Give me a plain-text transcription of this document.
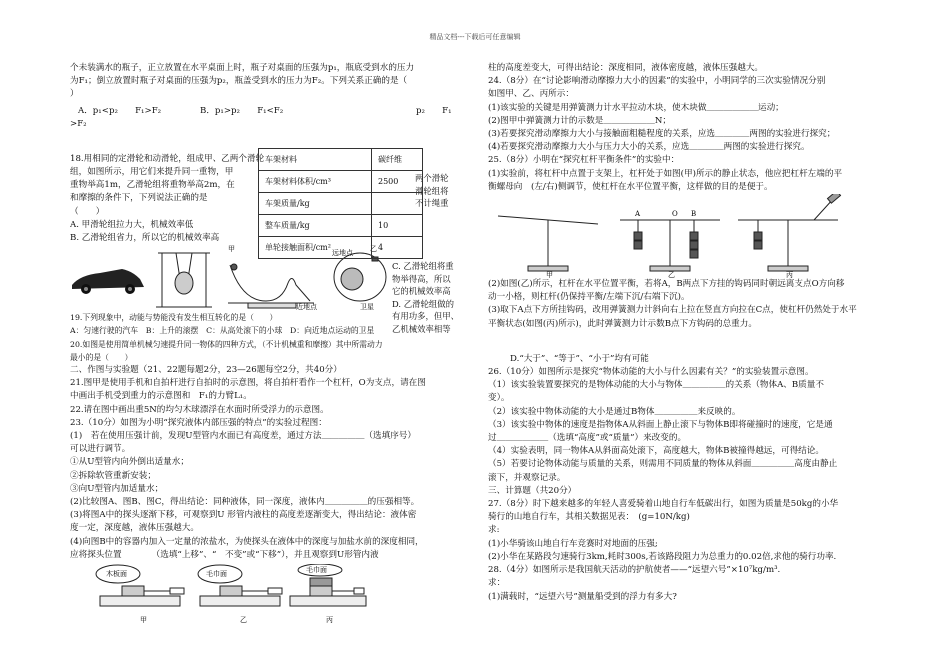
精品文档---下载后可任意编辑
个未装满水的瓶子，正立放置在水平桌面上时，瓶子对桌面的压强为p₁，瓶底受到水的压力
为F₁；倒立放置时瓶子对桌面的压强为p₂，瓶盖受到水的压力为F₂。下列关系正确的是（
）
A．p₁<p₂　　F₁>F₂	B．p₁>p₂　　F₁<F₂	p₂　　F₁
>F₂
18.用相同的定滑轮和动滑轮，组成甲、乙两个滑轮
组，如图所示，用它们来提升同一重物，甲
重物举高1m，乙滑轮组将重物举高2m，在
和摩擦的条件下，下列说法正确的是
（　　）
A. 甲滑轮组拉力大，机械效率低
B. 乙滑轮组省力，所以它的机械效率高
甲	乙
近地点	卫星
远地点
19.下列现象中，动能与势能没有发生相互转化的是（　　）
A：匀速行驶的汽车　B：上升的滚摆　C：从高处滚下的小球　D：向近地点运动的卫星
20.如图是使用简单机械匀速提升同一物体的四种方式，（不计机械重和摩擦）其中所需动力
最小的是（　　）
二、作图与实验题（21、22题每题2分，23—26题每空2分，共40分）
21.图甲是使用手机和自拍杆进行自拍时的示意图，将自拍杆看作一个杠杆，O为支点，请在图
中画出手机受到重力的示意图和　F₁的力臂L₁。
22.请在图中画出重5N的均匀木球漂浮在水面时所受浮力的示意图。
23.（10分）如图为小明“探究液体内部压强的特点”的实验过程图：
(1)　若在使用压强计前，发现U型管内水面已有高度差，通过方法＿＿＿＿＿（选填序号）
可以进行调节。
①从U型管内向外倒出适量水；
②拆除软管重新安装；
③向U型管内加适量水；
(2)比较图A、图B、图C，得出结论：同种液体，同一深度，液体内＿＿＿＿＿的压强相等。
(3)将图A中的探头逐渐下移，可观察到U 形管内液柱的高度差逐渐变大，得出结论：液体密
度一定，深度越，液体压强越大。
(4)向图B中的容器内加入一定量的浓盐水，为使探头在液体中的深度与加盐水前的深度相同，
应将探头位置　　　　（选填“上移”、“　不变”或“下移”），并且观察到U形管内液
木板面	毛巾面	毛巾面
甲	乙	丙
两个滑轮
滑轮组将
不计绳重
车架材料	碳纤维
车架材料体积/cm³	2500
车架质量/kg	
整车质量/kg	10
单轮接触面积/cm²	4
C. 乙滑轮组将重
物举得高，所以
它的机械效率高
D. 乙滑轮组做的
有用功多，但甲、
乙机械效率相等
柱的高度差变大，可得出结论：深度相同，液体密度越，液体压强越大。
24.（8分）在“讨论影响滑动摩擦力大小的因素”的实验中，小明同学的三次实验情况分别
如图甲、乙、丙所示：
(1)该实验的关键是用弹簧测力计水平拉动木块，使木块做＿＿＿＿＿＿运动；
(2)图甲中弹簧测力计的示数是＿＿＿＿＿＿N；
(3)若要探究滑动摩擦力大小与接触面粗糙程度的关系，应选＿＿＿＿两图的实验进行探究；
(4)若要探究滑动摩擦力大小与压力大小的关系，应选＿＿＿＿两图的实验进行探究。
25.（8分）小明在“探究杠杆平衡条件”的实验中：
(1)实验前，将杠杆中点置于支架上，杠杆处于如图(甲)所示的静止状态，他应把杠杆左端的平
衡螺母向　(左/右)侧调节，使杠杆在水平位置平衡，这样做的目的是便于。
甲	乙	丙
A	B
O
(2)如图(乙)所示，杠杆在水平位置平衡，若将A，B两点下方挂的钩码同时朝远离支点O方向移
动一小格，则杠杆(仍保持平衡/左端下沉/右端下沉)。
(3)取下A点下方所挂钩码，改用弹簧测力计斜向右上拉在竖直方向拉在C点，使杠杆仍然处于水平
平衡状态(如图(丙)所示)，此时弹簧测力计示数B点下方钩码的总重力。
D.“大于”、“等于”、“小于”均有可能
26.（10分）如图所示是探究“物体动能的大小与什么因素有关？”的实验装置示意图。
（1）该实验装置要探究的是物体动能的大小与物体＿＿＿＿＿的关系（物体A、B质量不
变）。
（2）该实验中物体动能的大小是通过B物体＿＿＿＿＿来反映的。
（3）该实验中物体的速度是指物体A从斜面上静止滚下与物体B即将碰撞时的速度，它是通
过＿＿＿＿＿＿（选填“高度”或“质量”）来改变的。
（4）实验表明，同一物体A从斜面高处滚下，高度越大，物体B被撞得越远，可得结论。
（5）若要讨论物体动能与质量的关系，则需用不同质量的物体从斜面＿＿＿＿＿高度由静止
滚下，并观察记录。
三、计算题（共20分）
27.（8分）时下越来越多的年轻人喜爱骑着山地自行车低碳出行，如图为质量是50kg的小华
骑行的山地自行车，其相关数据见表：　(g=10N/kg)
求:
(1)小华骑该山地自行车竞赛时对地面的压强;
(2)小华在某路段匀速骑行3km,耗时300s,若该路段阻力为总重力的0.02倍,求他的骑行功率.
28.（4分）如图所示是我国航天活动的护航使者——“远望六号”×10⁷kg/m³.
求：
(1)满载时，“远望六号”测量船受到的浮力有多大?
